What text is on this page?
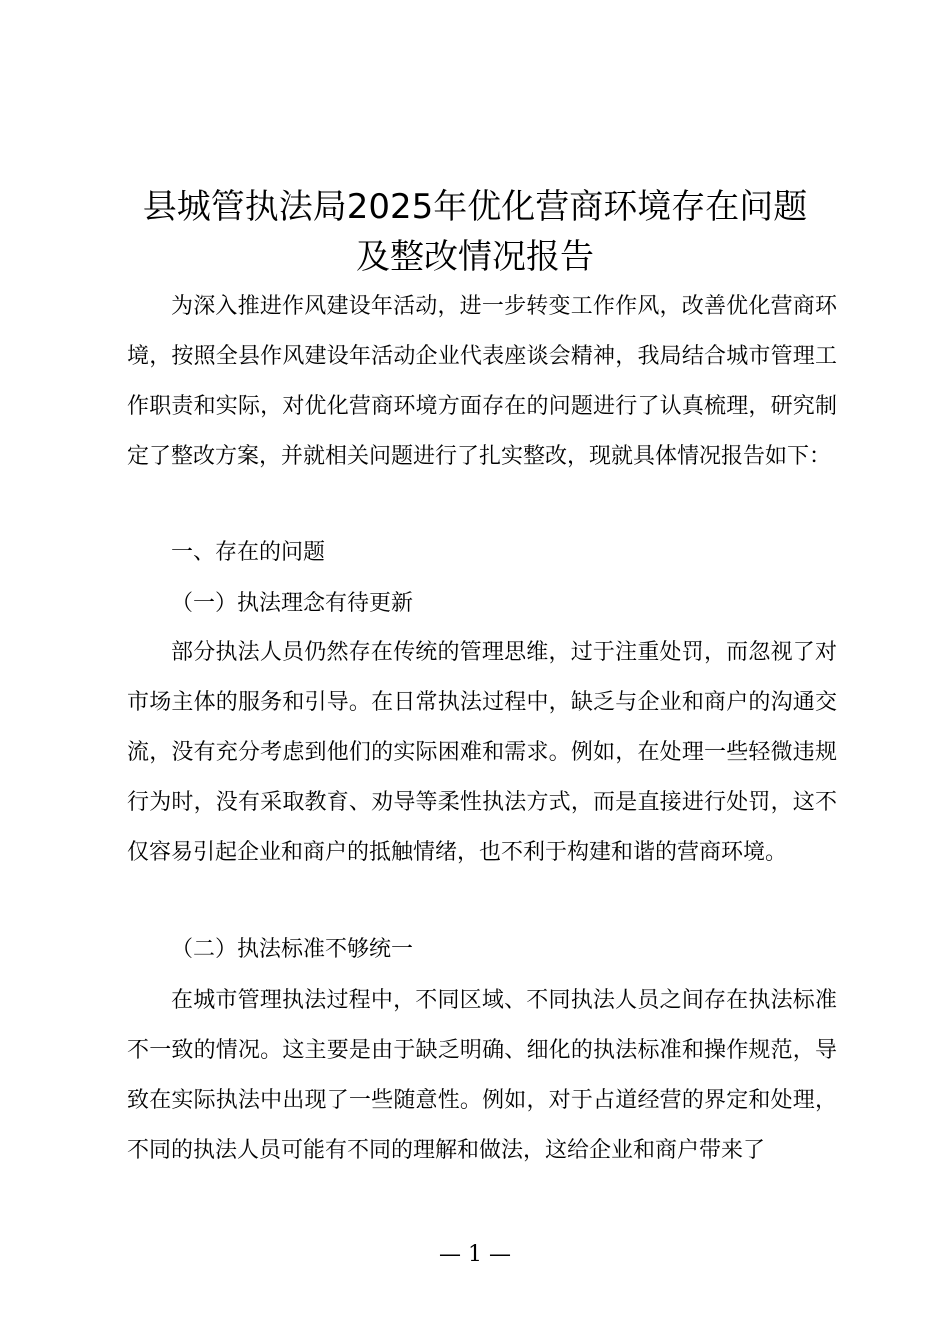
县城管执法局2025年优化营商环境存在问题
及整改情况报告

为深入推进作风建设年活动，进一步转变工作作风，改善优化营商环境，按照全县作风建设年活动企业代表座谈会精神，我局结合城市管理工作职责和实际，对优化营商环境方面存在的问题进行了认真梳理，研究制定了整改方案，并就相关问题进行了扎实整改，现就具体情况报告如下：

一、存在的问题
（一）执法理念有待更新

部分执法人员仍然存在传统的管理思维，过于注重处罚，而忽视了对市场主体的服务和引导。在日常执法过程中，缺乏与企业和商户的沟通交流，没有充分考虑到他们的实际困难和需求。例如，在处理一些轻微违规行为时，没有采取教育、劝导等柔性执法方式，而是直接进行处罚，这不仅容易引起企业和商户的抵触情绪，也不利于构建和谐的营商环境。

（二）执法标准不够统一

在城市管理执法过程中，不同区域、不同执法人员之间存在执法标准不一致的情况。这主要是由于缺乏明确、细化的执法标准和操作规范，导致在实际执法中出现了一些随意性。例如，对于占道经营的界定和处理，不同的执法人员可能有不同的理解和做法，这给企业和商户带来了

— 1 —
